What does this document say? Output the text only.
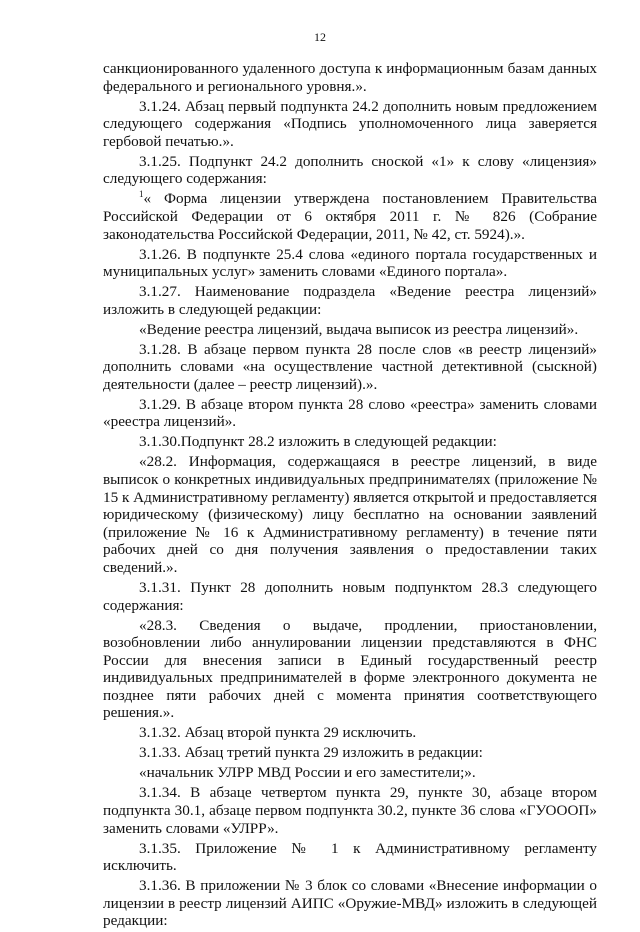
12

санкционированного удаленного доступа к информационным базам данных федерального и регионального уровня.».

3.1.24. Абзац первый подпункта 24.2 дополнить новым предложением следующего содержания «Подпись уполномоченного лица заверяется гербовой печатью.».

3.1.25. Подпункт 24.2 дополнить сноской «1» к слову «лицензия» следующего содержания:

$^1$« Форма лицензии утверждена постановлением Правительства Российской Федерации от 6 октября 2011 г. № 826 (Собрание законодательства Российской Федерации, 2011, № 42, ст. 5924).».

3.1.26. В подпункте 25.4 слова «единого портала государственных и муниципальных услуг» заменить словами «Единого портала».

3.1.27. Наименование подраздела «Ведение реестра лицензий» изложить в следующей редакции:

«Ведение реестра лицензий, выдача выписок из реестра лицензий».

3.1.28. В абзаце первом пункта 28 после слов «в реестр лицензий» дополнить словами «на осуществление частной детективной (сыскной) деятельности (далее – реестр лицензий).».

3.1.29. В абзаце втором пункта 28 слово «реестра» заменить словами «реестра лицензий».

3.1.30.Подпункт 28.2 изложить в следующей редакции:

«28.2. Информация, содержащаяся в реестре лицензий, в виде выписок о конкретных индивидуальных предпринимателях (приложение № 15 к Административному регламенту) является открытой и предоставляется юридическому (физическому) лицу бесплатно на основании заявлений (приложение № 16 к Административному регламенту) в течение пяти рабочих дней со дня получения заявления о предоставлении таких сведений.».

3.1.31. Пункт 28 дополнить новым подпунктом 28.3 следующего содержания:

«28.3. Сведения о выдаче, продлении, приостановлении, возобновлении либо аннулировании лицензии представляются в ФНС России для внесения записи в Единый государственный реестр индивидуальных предпринимателей в форме электронного документа не позднее пяти рабочих дней с момента принятия соответствующего решения.».

3.1.32. Абзац второй пункта 29 исключить.

3.1.33. Абзац третий пункта 29 изложить в редакции:

«начальник УЛРР МВД России и его заместители;».

3.1.34. В абзаце четвертом пункта 29, пункте 30, абзаце втором подпункта 30.1, абзаце первом подпункта 30.2, пункте 36 слова «ГУОООП» заменить словами «УЛРР».

3.1.35. Приложение № 1 к Административному регламенту исключить.

3.1.36. В приложении № 3 блок со словами «Внесение информации о лицензии в реестр лицензий АИПС «Оружие-МВД» изложить в следующей редакции:
